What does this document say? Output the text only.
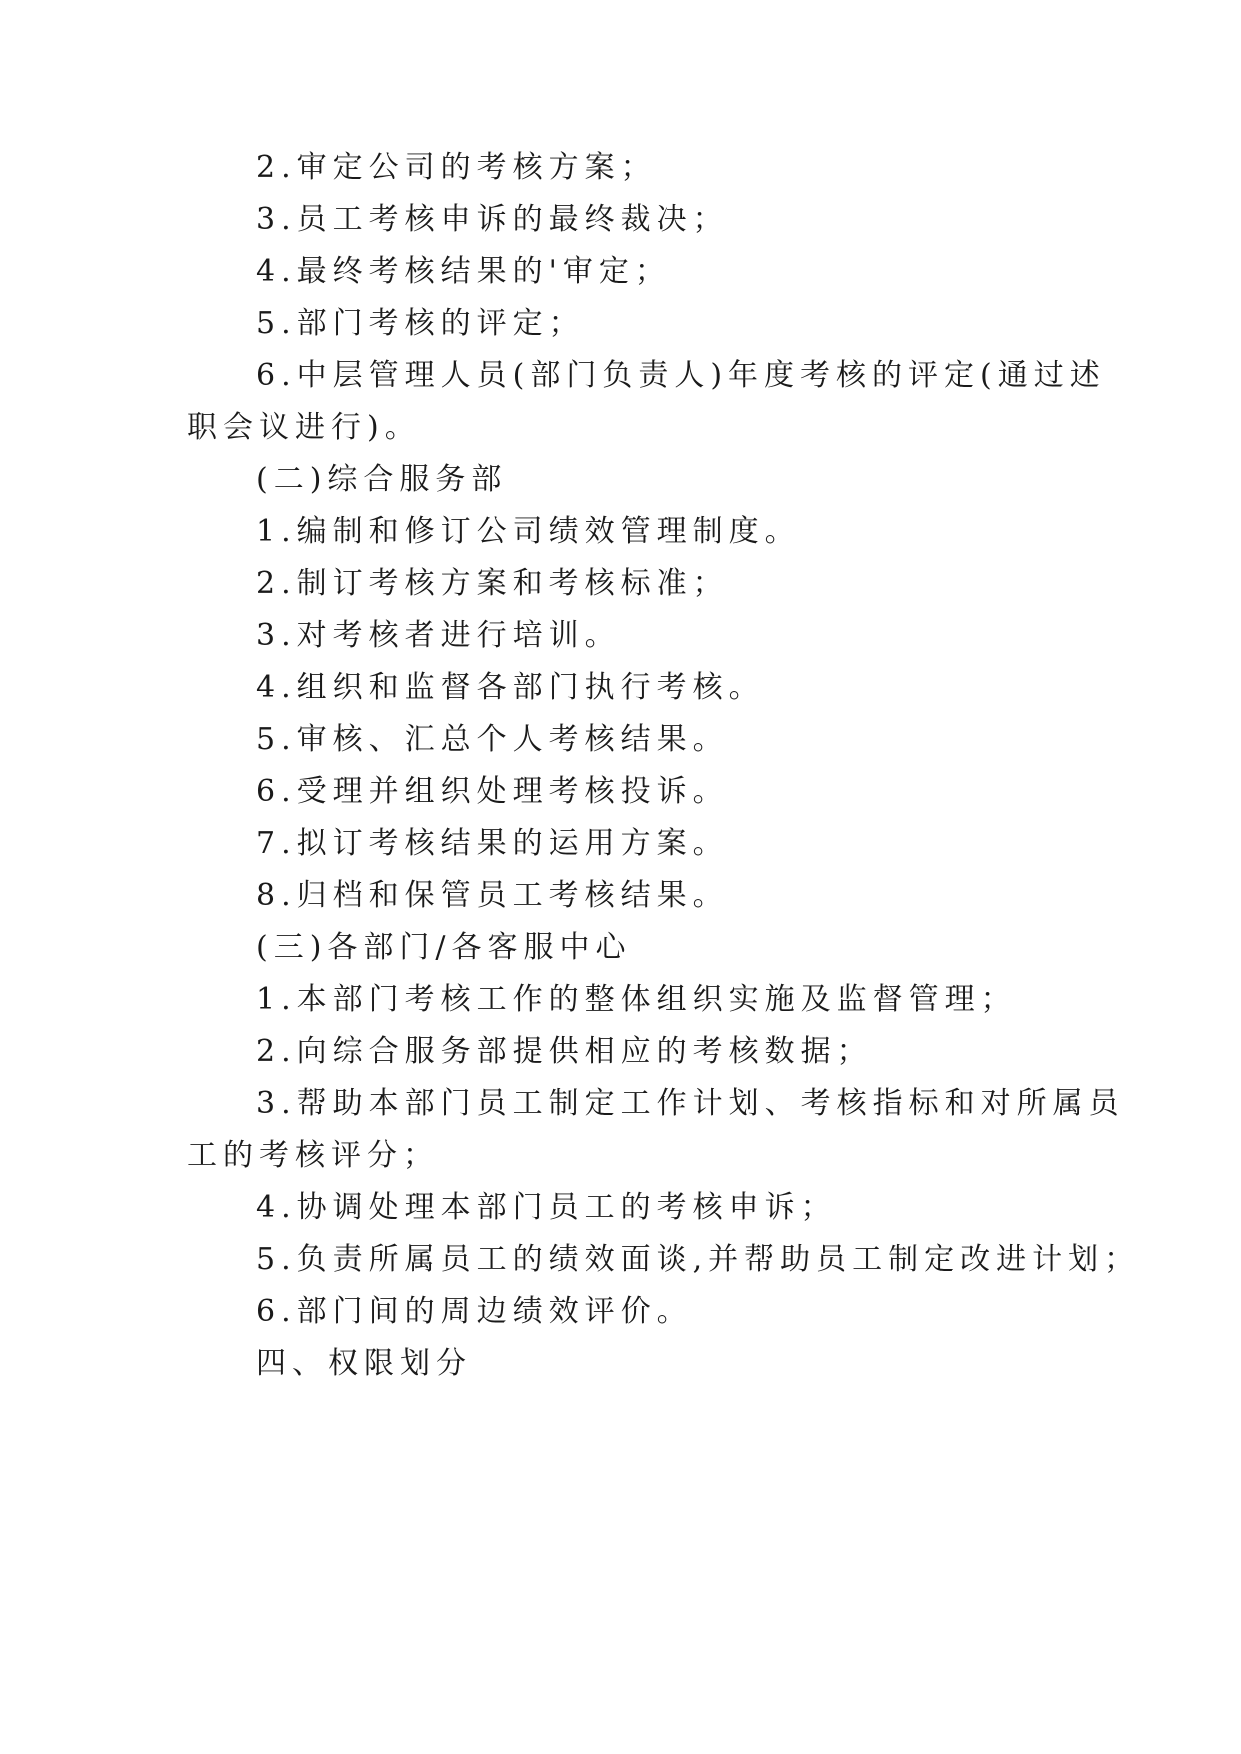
2.审定公司的考核方案；
3.员工考核申诉的最终裁决；
4.最终考核结果的'审定；
5.部门考核的评定；
6.中层管理人员(部门负责人)年度考核的评定(通过述
职会议进行)。
(二)综合服务部
1.编制和修订公司绩效管理制度。
2.制订考核方案和考核标准；
3.对考核者进行培训。
4.组织和监督各部门执行考核。
5.审核、汇总个人考核结果。
6.受理并组织处理考核投诉。
7.拟订考核结果的运用方案。
8.归档和保管员工考核结果。
(三)各部门/各客服中心
1.本部门考核工作的整体组织实施及监督管理；
2.向综合服务部提供相应的考核数据；
3.帮助本部门员工制定工作计划、考核指标和对所属员
工的考核评分；
4.协调处理本部门员工的考核申诉；
5.负责所属员工的绩效面谈,并帮助员工制定改进计划；
6.部门间的周边绩效评价。
四、权限划分
